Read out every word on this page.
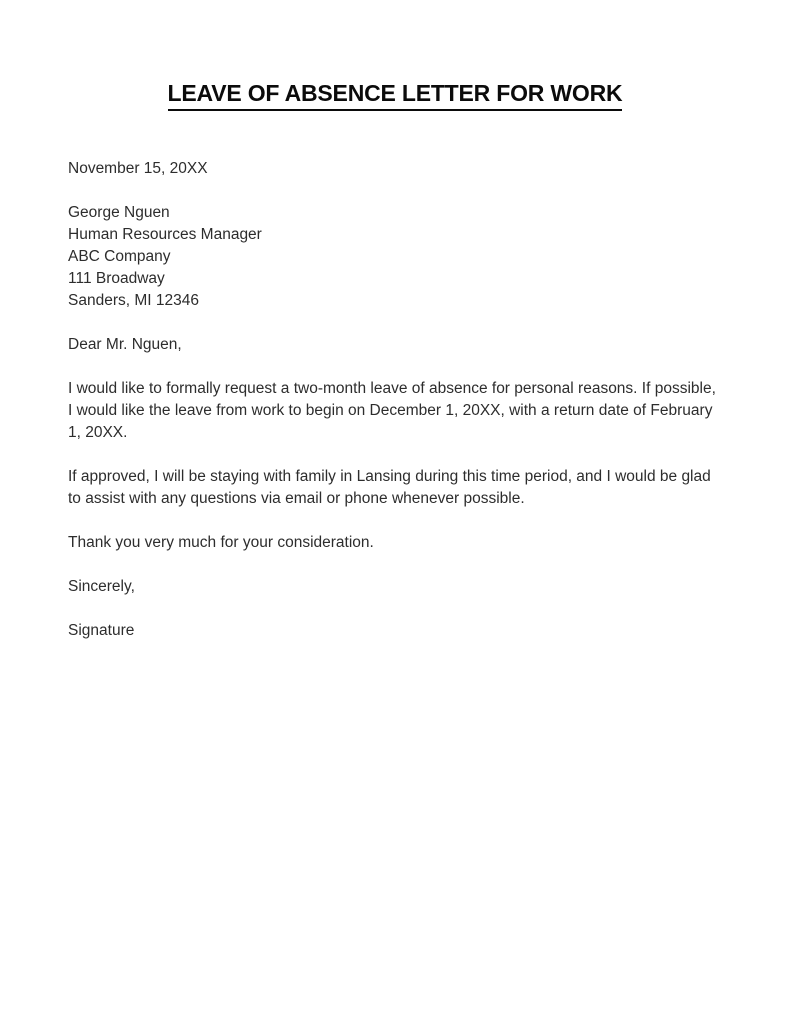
LEAVE OF ABSENCE LETTER FOR WORK

November 15, 20XX

George Nguen
Human Resources Manager
ABC Company
111 Broadway
Sanders, MI 12346

Dear Mr. Nguen,

I would like to formally request a two-month leave of absence for personal reasons. If possible, I would like the leave from work to begin on December 1, 20XX, with a return date of February 1, 20XX.

If approved, I will be staying with family in Lansing during this time period, and I would be glad to assist with any questions via email or phone whenever possible.

Thank you very much for your consideration.

Sincerely,
Signature
